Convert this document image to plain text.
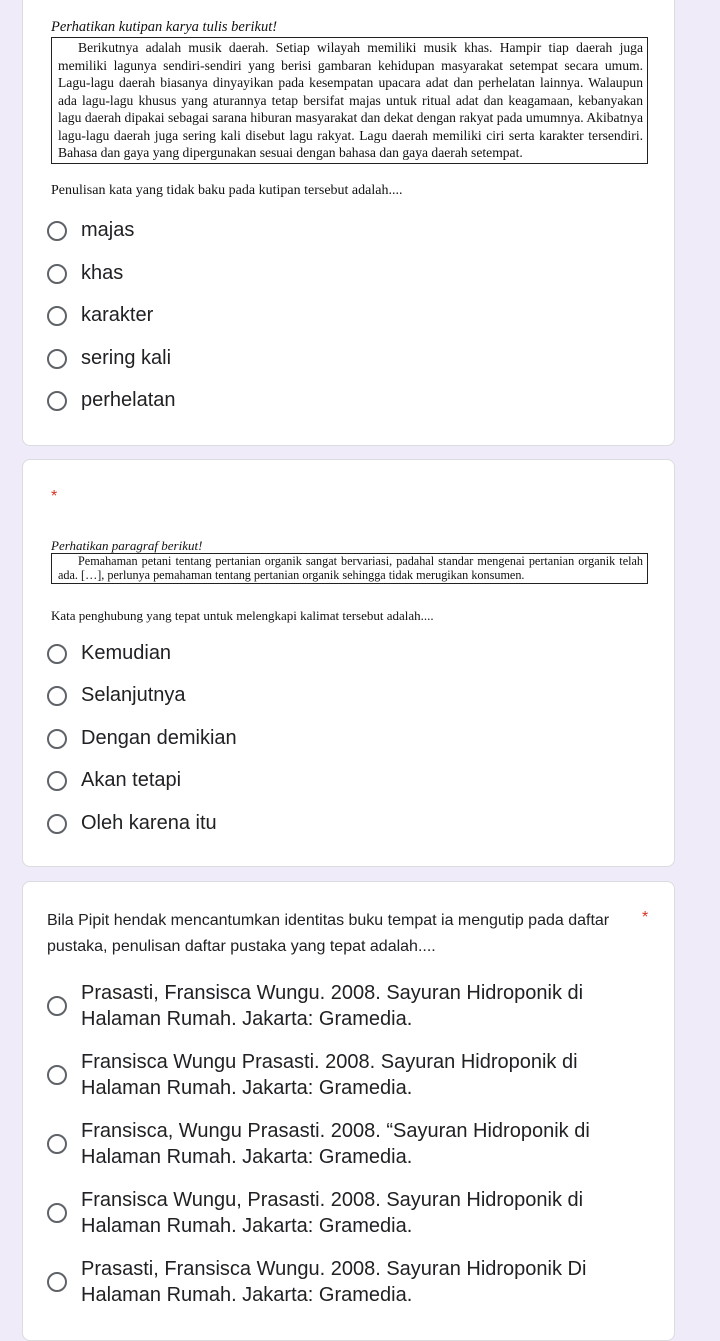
Perhatikan kutipan karya tulis berikut!
Berikutnya adalah musik daerah. Setiap wilayah memiliki musik khas. Hampir tiap daerah juga memiliki lagunya sendiri-sendiri yang berisi gambaran kehidupan masyarakat setempat secara umum. Lagu-lagu daerah biasanya dinyayikan pada kesempatan upacara adat dan perhelatan lainnya. Walaupun ada lagu-lagu khusus yang aturannya tetap bersifat majas untuk ritual adat dan keagamaan, kebanyakan lagu daerah dipakai sebagai sarana hiburan masyarakat dan dekat dengan rakyat pada umumnya. Akibatnya lagu-lagu daerah juga sering kali disebut lagu rakyat. Lagu daerah memiliki ciri serta karakter tersendiri. Bahasa dan gaya yang dipergunakan sesuai dengan bahasa dan gaya daerah setempat.
Penulisan kata yang tidak baku pada kutipan tersebut adalah....
majas
khas
karakter
sering kali
perhelatan
*
Perhatikan paragraf berikut!
Pemahaman petani tentang pertanian organik sangat bervariasi, padahal standar mengenai pertanian organik telah ada. […], perlunya pemahaman tentang pertanian organik sehingga tidak merugikan konsumen.
Kata penghubung yang tepat untuk melengkapi kalimat tersebut adalah....
Kemudian
Selanjutnya
Dengan demikian
Akan tetapi
Oleh karena itu
Bila Pipit hendak mencantumkan identitas buku tempat ia mengutip pada daftar pustaka, penulisan daftar pustaka yang tepat adalah....
*
Prasasti, Fransisca Wungu. 2008. Sayuran Hidroponik di Halaman Rumah. Jakarta: Gramedia.
Fransisca Wungu Prasasti. 2008. Sayuran Hidroponik di Halaman Rumah. Jakarta: Gramedia.
Fransisca, Wungu Prasasti. 2008. “Sayuran Hidroponik di Halaman Rumah. Jakarta: Gramedia.
Fransisca Wungu, Prasasti. 2008. Sayuran Hidroponik di Halaman Rumah. Jakarta: Gramedia.
Prasasti, Fransisca Wungu. 2008. Sayuran Hidroponik Di Halaman Rumah. Jakarta: Gramedia.
